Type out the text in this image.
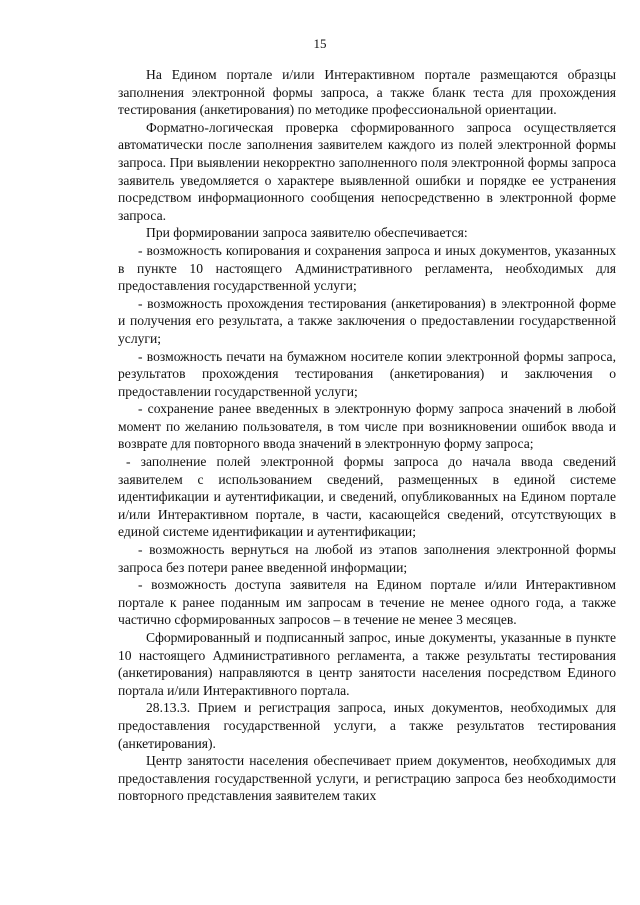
15

На Едином портале и/или Интерактивном портале размещаются образцы заполнения электронной формы запроса, а также бланк теста для прохождения тестирования (анкетирования) по методике профессиональной ориентации.

Форматно-логическая проверка сформированного запроса осуществляется автоматически после заполнения заявителем каждого из полей электронной формы запроса. При выявлении некорректно заполненного поля электронной формы запроса заявитель уведомляется о характере выявленной ошибки и порядке ее устранения посредством информационного сообщения непосредственно в электронной форме запроса.

При формировании запроса заявителю обеспечивается:

- возможность копирования и сохранения запроса и иных документов, указанных в пункте 10 настоящего Административного регламента, необходимых для предоставления государственной услуги;

- возможность прохождения тестирования (анкетирования) в электронной форме и получения его результата, а также заключения о предоставлении государственной услуги;

- возможность печати на бумажном носителе копии электронной формы запроса, результатов прохождения тестирования (анкетирования) и заключения о предоставлении государственной услуги;

- сохранение ранее введенных в электронную форму запроса значений в любой момент по желанию пользователя, в том числе при возникновении ошибок ввода и возврате для повторного ввода значений в электронную форму запроса;

- заполнение полей электронной формы запроса до начала ввода сведений заявителем с использованием сведений, размещенных в единой системе идентификации и аутентификации, и сведений, опубликованных на Едином портале и/или Интерактивном портале, в части, касающейся сведений, отсутствующих в единой системе идентификации и аутентификации;

- возможность вернуться на любой из этапов заполнения электронной формы запроса без потери ранее введенной информации;

- возможность доступа заявителя на Едином портале и/или Интерактивном портале к ранее поданным им запросам в течение не менее одного года, а также частично сформированных запросов – в течение не менее 3 месяцев.

Сформированный и подписанный запрос, иные документы, указанные в пункте 10 настоящего Административного регламента, а также результаты тестирования (анкетирования) направляются в центр занятости населения посредством Единого портала и/или Интерактивного портала.

28.13.3. Прием и регистрация запроса, иных документов, необходимых для предоставления государственной услуги, а также результатов тестирования (анкетирования).

Центр занятости населения обеспечивает прием документов, необходимых для предоставления государственной услуги, и регистрацию запроса без необходимости повторного представления заявителем таких
